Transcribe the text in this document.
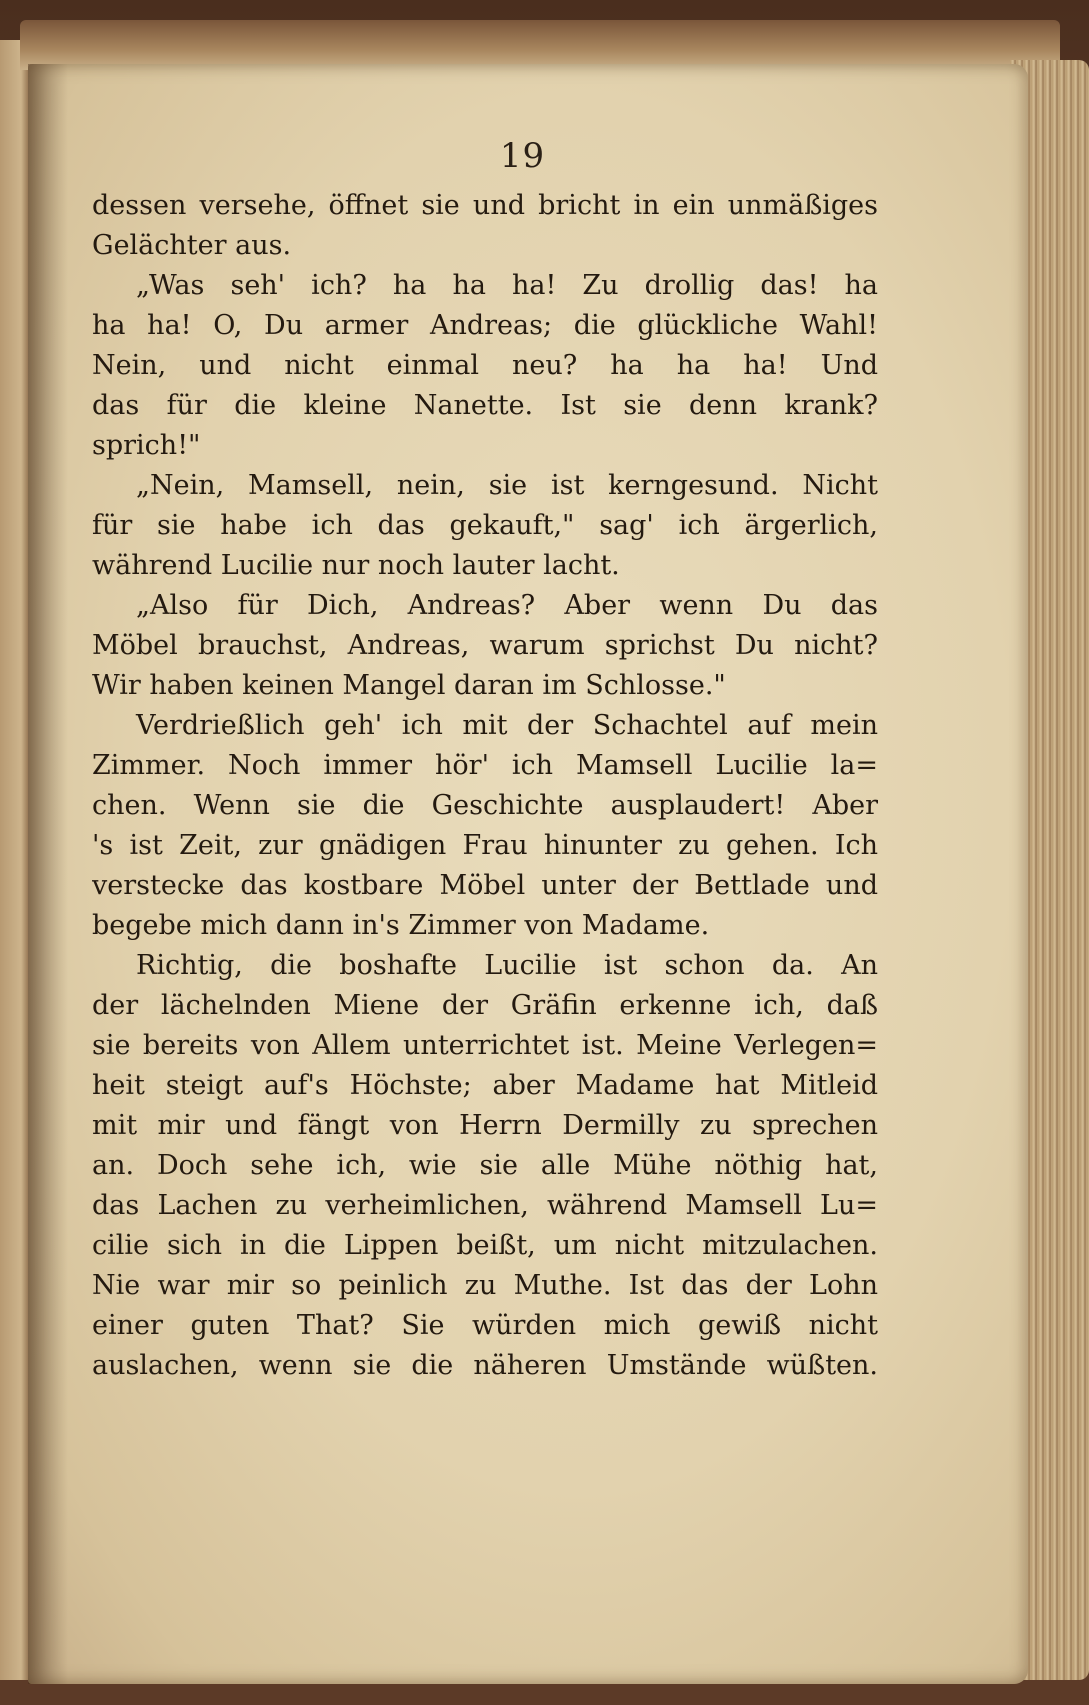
19
dessen versehe, öffnet sie und bricht in ein unmäßiges
Gelächter aus.
„Was seh' ich? ha ha ha! Zu drollig das! ha
ha ha! O, Du armer Andreas; die glückliche Wahl!
Nein, und nicht einmal neu? ha ha ha! Und
das für die kleine Nanette. Ist sie denn krank?
sprich!"
„Nein, Mamsell, nein, sie ist kerngesund. Nicht
für sie habe ich das gekauft," sag' ich ärgerlich,
während Lucilie nur noch lauter lacht.
„Also für Dich, Andreas? Aber wenn Du das
Möbel brauchst, Andreas, warum sprichst Du nicht?
Wir haben keinen Mangel daran im Schlosse."
Verdrießlich geh' ich mit der Schachtel auf mein
Zimmer. Noch immer hör' ich Mamsell Lucilie la=
chen. Wenn sie die Geschichte ausplaudert! Aber
's ist Zeit, zur gnädigen Frau hinunter zu gehen. Ich
verstecke das kostbare Möbel unter der Bettlade und
begebe mich dann in's Zimmer von Madame.
Richtig, die boshafte Lucilie ist schon da. An
der lächelnden Miene der Gräfin erkenne ich, daß
sie bereits von Allem unterrichtet ist. Meine Verlegen=
heit steigt auf's Höchste; aber Madame hat Mitleid
mit mir und fängt von Herrn Dermilly zu sprechen
an. Doch sehe ich, wie sie alle Mühe nöthig hat,
das Lachen zu verheimlichen, während Mamsell Lu=
cilie sich in die Lippen beißt, um nicht mitzulachen.
Nie war mir so peinlich zu Muthe. Ist das der Lohn
einer guten That? Sie würden mich gewiß nicht
auslachen, wenn sie die näheren Umstände wüßten.
